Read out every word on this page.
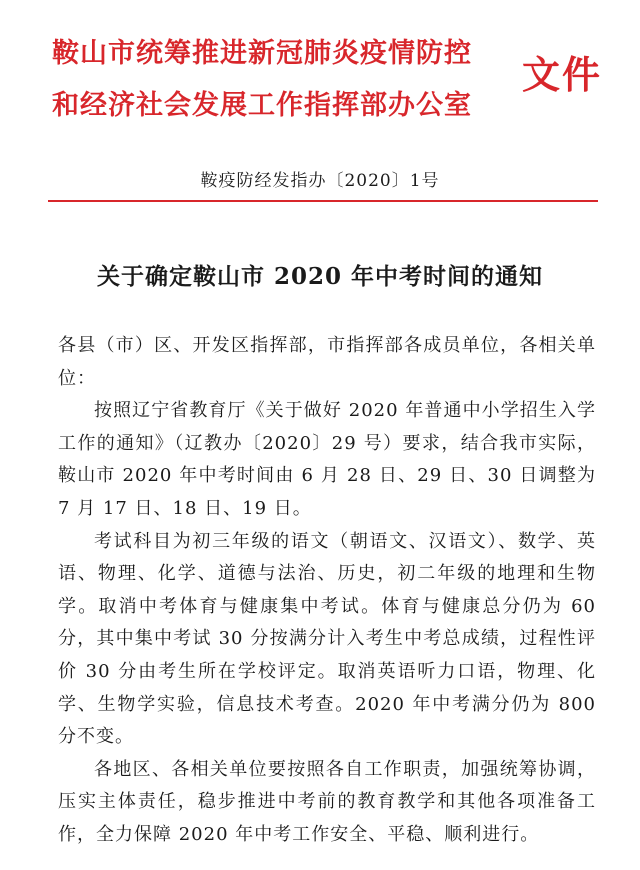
鞍山市统筹推进新冠肺炎疫情防控
和经济社会发展工作指挥部办公室
文件
鞍疫防经发指办〔2020〕1号
关于确定鞍山市 2020 年中考时间的通知

各县（市）区、开发区指挥部，市指挥部各成员单位，各相关单位：

按照辽宁省教育厅《关于做好 2020 年普通中小学招生入学工作的通知》（辽教办〔2020〕29 号）要求，结合我市实际，鞍山市 2020 年中考时间由 6 月 28 日、29 日、30 日调整为 7 月 17 日、18 日、19 日。

考试科目为初三年级的语文（朝语文、汉语文）、数学、英语、物理、化学、道德与法治、历史，初二年级的地理和生物学。取消中考体育与健康集中考试。体育与健康总分仍为 60 分，其中集中考试 30 分按满分计入考生中考总成绩，过程性评价 30 分由考生所在学校评定。取消英语听力口语，物理、化学、生物学实验，信息技术考查。2020 年中考满分仍为 800 分不变。

各地区、各相关单位要按照各自工作职责，加强统筹协调，压实主体责任，稳步推进中考前的教育教学和其他各项准备工作，全力保障 2020 年中考工作安全、平稳、顺利进行。
